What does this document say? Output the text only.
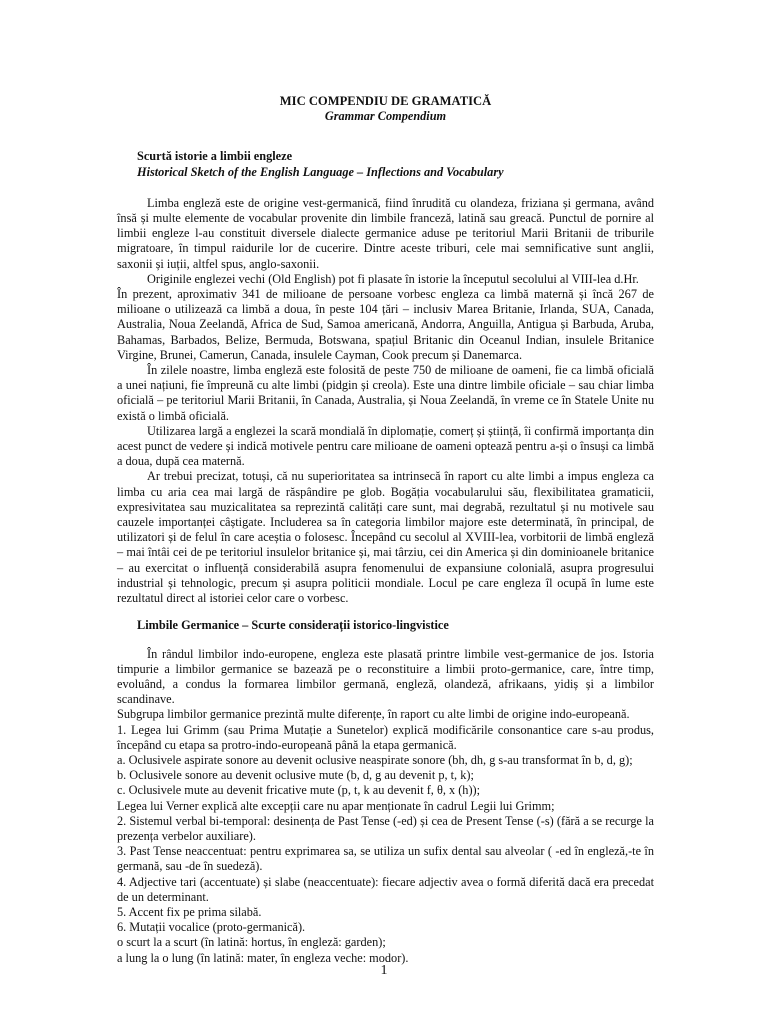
MIC COMPENDIU DE GRAMATICĂ

Grammar Compendium

Scurtă istorie a limbii engleze

Historical Sketch of the English Language – Inflections and Vocabulary

Limba engleză este de origine vest-germanică, fiind înrudită cu olandeza, friziana și germana, având însă și multe elemente de vocabular provenite din limbile franceză, latină sau greacă. Punctul de pornire al limbii engleze l-au constituit diversele dialecte germanice aduse pe teritoriul Marii Britanii de triburile migratoare, în timpul raidurile lor de cucerire. Dintre aceste triburi, cele mai semnificative sunt anglii, saxonii și iuții, altfel spus, anglo-saxonii.

Originile englezei vechi (Old English) pot fi plasate în istorie la începutul secolului al VIII-lea d.Hr.

În prezent, aproximativ 341 de milioane de persoane vorbesc engleza ca limbă maternă și încă 267 de milioane o utilizează ca limbă a doua, în peste 104 țări – inclusiv Marea Britanie, Irlanda, SUA, Canada, Australia, Noua Zeelandă, Africa de Sud, Samoa americană, Andorra, Anguilla, Antigua și Barbuda, Aruba, Bahamas, Barbados, Belize, Bermuda, Botswana, spațiul Britanic din Oceanul Indian, insulele Britanice Virgine, Brunei, Camerun, Canada, insulele Cayman, Cook precum și Danemarca.

În zilele noastre, limba engleză este folosită de peste 750 de milioane de oameni, fie ca limbă oficială a unei națiuni, fie împreună cu alte limbi (pidgin și creola). Este una dintre limbile oficiale – sau chiar limba oficială – pe teritoriul Marii Britanii, în Canada, Australia, și Noua Zeelandă, în vreme ce în Statele Unite nu există o limbă oficială.

Utilizarea largă a englezei la scară mondială în diplomație, comerț și știință, îi confirmă importanța din acest punct de vedere și indică motivele pentru care milioane de oameni optează pentru a-și o însuși ca limbă a doua, după cea maternă.

Ar trebui precizat, totuși, că nu superioritatea sa intrinsecă în raport cu alte limbi a impus engleza ca limba cu aria cea mai largă de răspândire pe glob. Bogăția vocabularului său, flexibilitatea gramaticii, expresivitatea sau muzicalitatea sa reprezintă calități care sunt, mai degrabă, rezultatul și nu motivele sau cauzele importanței câștigate. Includerea sa în categoria limbilor majore este determinată, în principal, de utilizatori și de felul în care aceștia o folosesc. Începând cu secolul al XVIII-lea, vorbitorii de limbă engleză – mai întâi cei de pe teritoriul insulelor britanice și, mai târziu, cei din America și din dominioanele britanice – au exercitat o influență considerabilă asupra fenomenului de expansiune colonială, asupra progresului industrial și tehnologic, precum și asupra politicii mondiale. Locul pe care engleza îl ocupă în lume este rezultatul direct al istoriei celor care o vorbesc.

Limbile Germanice – Scurte considerații istorico-lingvistice

În rândul limbilor indo-europene, engleza este plasată printre limbile vest-germanice de jos. Istoria timpurie a limbilor germanice se bazează pe o reconstituire a limbii proto-germanice, care, între timp, evoluând, a condus la formarea limbilor germană, engleză, olandeză, afrikaans, yidiș și a limbilor scandinave.

Subgrupa limbilor germanice prezintă multe diferențe, în raport cu alte limbi de origine indo-europeană.

1. Legea lui Grimm (sau Prima Mutație a Sunetelor) explică modificările consonantice care s-au produs, începând cu etapa sa protro-indo-europeană până la etapa germanică.

a. Oclusivele aspirate sonore au devenit oclusive neaspirate sonore (bh, dh, g s-au transformat în b, d, g);

b. Oclusivele sonore au devenit oclusive mute (b, d, g au devenit p, t, k);

c. Oclusivele mute au devenit fricative mute (p, t, k au devenit f, θ, x (h));

Legea lui Verner explică alte excepții care nu apar menționate în cadrul Legii lui Grimm;

2. Sistemul verbal bi-temporal: desinența de Past Tense (-ed) și cea de Present Tense (-s) (fără a se recurge la prezența verbelor auxiliare).

3. Past Tense neaccentuat: pentru exprimarea sa, se utiliza un sufix dental sau alveolar ( -ed în engleză,-te în germană, sau -de în suedeză).

4. Adjective tari (accentuate) și slabe (neaccentuate): fiecare adjectiv avea o formă diferită dacă era precedat de un determinant.

5. Accent fix pe prima silabă.

6. Mutații vocalice (proto-germanică).

o scurt la a scurt (în latină: hortus, în engleză: garden);

a lung la o lung (în latină: mater, în engleza veche: modor).

1
